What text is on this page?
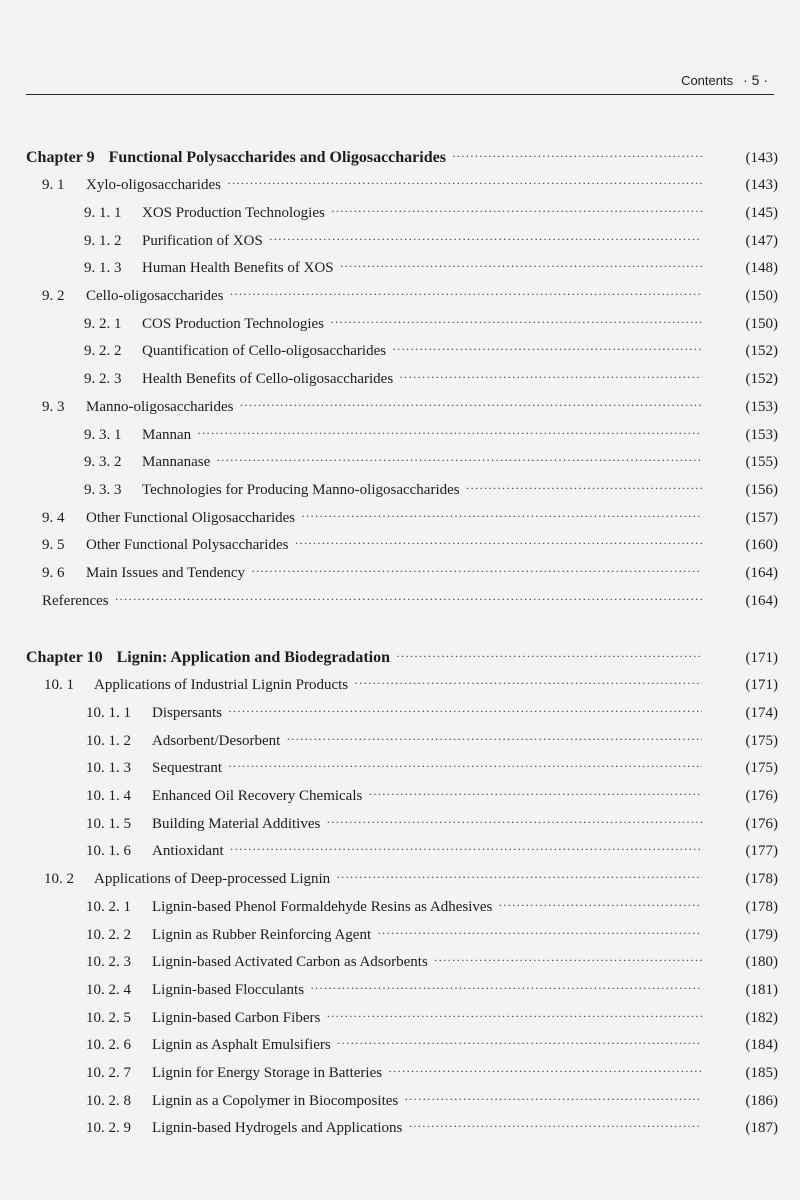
Contents · 5 ·
Chapter 9 Functional Polysaccharides and Oligosaccharides ·····	(143)
9. 1	Xylo-oligosaccharides ·····	(143)
9. 1. 1	XOS Production Technologies ·····	(145)
9. 1. 2	Purification of XOS ·····	(147)
9. 1. 3	Human Health Benefits of XOS ·····	(148)
9. 2	Cello-oligosaccharides ·····	(150)
9. 2. 1	COS Production Technologies ·····	(150)
9. 2. 2	Quantification of Cello-oligosaccharides ·····	(152)
9. 2. 3	Health Benefits of Cello-oligosaccharides ·····	(152)
9. 3	Manno-oligosaccharides ·····	(153)
9. 3. 1	Mannan ·····	(153)
9. 3. 2	Mannanase ·····	(155)
9. 3. 3	Technologies for Producing Manno-oligosaccharides ·····	(156)
9. 4	Other Functional Oligosaccharides ·····	(157)
9. 5	Other Functional Polysaccharides ·····	(160)
9. 6	Main Issues and Tendency ·····	(164)
References ·····	(164)
Chapter 10 Lignin: Application and Biodegradation ·····	(171)
10. 1	Applications of Industrial Lignin Products ·····	(171)
10. 1. 1	Dispersants ·····	(174)
10. 1. 2	Adsorbent/Desorbent ·····	(175)
10. 1. 3	Sequestrant ·····	(175)
10. 1. 4	Enhanced Oil Recovery Chemicals ·····	(176)
10. 1. 5	Building Material Additives ·····	(176)
10. 1. 6	Antioxidant ·····	(177)
10. 2	Applications of Deep-processed Lignin ·····	(178)
10. 2. 1	Lignin-based Phenol Formaldehyde Resins as Adhesives ·····	(178)
10. 2. 2	Lignin as Rubber Reinforcing Agent ·····	(179)
10. 2. 3	Lignin-based Activated Carbon as Adsorbents ·····	(180)
10. 2. 4	Lignin-based Flocculants ·····	(181)
10. 2. 5	Lignin-based Carbon Fibers ·····	(182)
10. 2. 6	Lignin as Asphalt Emulsifiers ·····	(184)
10. 2. 7	Lignin for Energy Storage in Batteries ·····	(185)
10. 2. 8	Lignin as a Copolymer in Biocomposites ·····	(186)
10. 2. 9	Lignin-based Hydrogels and Applications ·····	(187)
